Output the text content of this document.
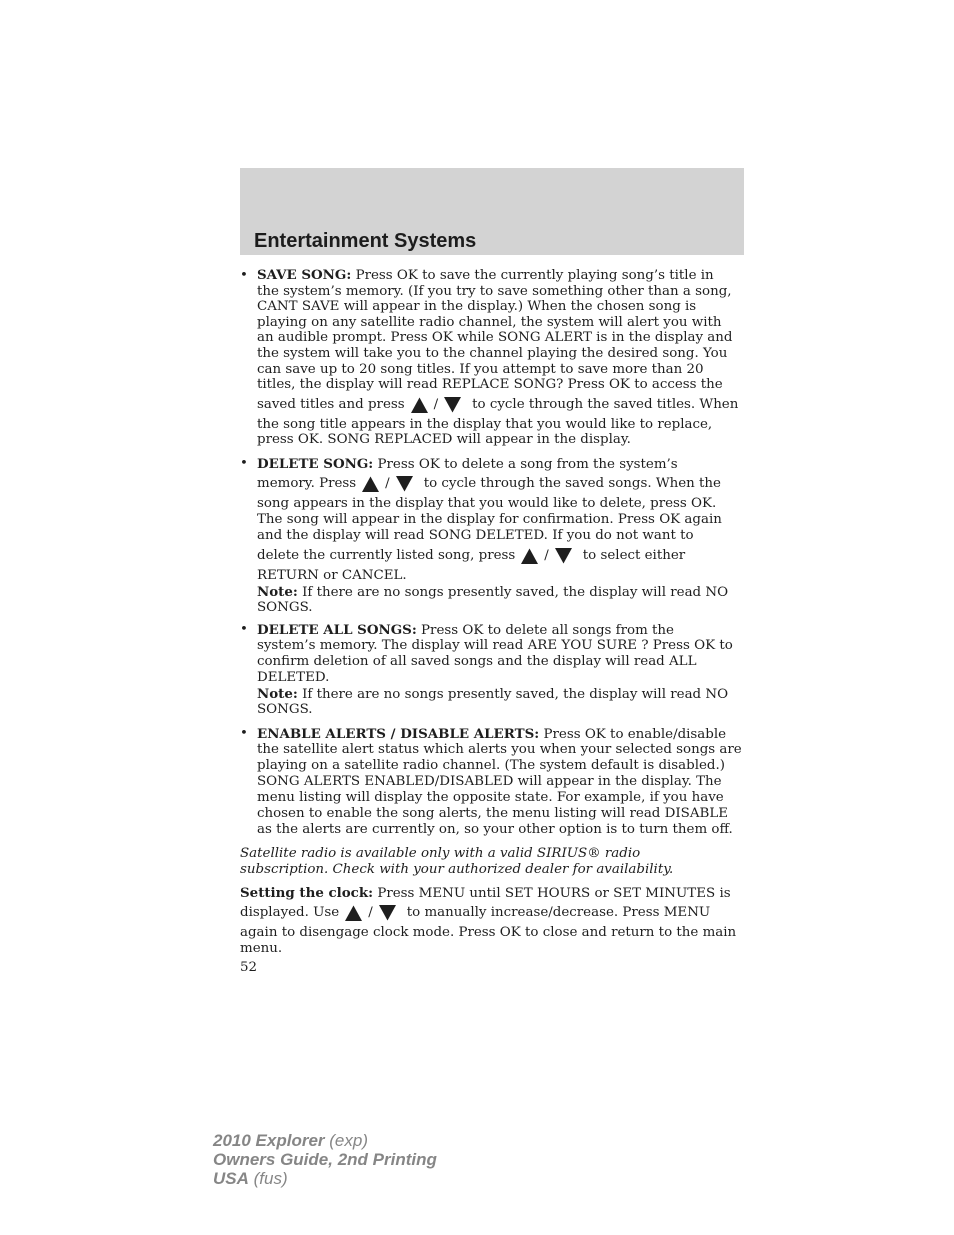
Entertainment Systems
• SAVE SONG: Press OK to save the currently playing song’s title in
the system’s memory. (If you try to save something other than a song,
CANT SAVE will appear in the display.) When the chosen song is
playing on any satellite radio channel, the system will alert you with
an audible prompt. Press OK while SONG ALERT is in the display and
the system will take you to the channel playing the desired song. You
can save up to 20 song titles. If you attempt to save more than 20
titles, the display will read REPLACE SONG? Press OK to access the
saved titles and press /	to cycle through the saved titles. When
the song title appears in the display that you would like to replace,
press OK. SONG REPLACED will appear in the display.
• DELETE SONG: Press OK to delete a song from the system’s
memory. Press /	to cycle through the saved songs. When the
song appears in the display that you would like to delete, press OK.
The song will appear in the display for confirmation. Press OK again
and the display will read SONG DELETED. If you do not want to
delete the currently listed song, press /	to select either
RETURN or CANCEL.
Note: If there are no songs presently saved, the display will read NO
SONGS.
• DELETE ALL SONGS: Press OK to delete all songs from the
system’s memory. The display will read ARE YOU SURE ? Press OK to
confirm deletion of all saved songs and the display will read ALL
DELETED.
Note: If there are no songs presently saved, the display will read NO
SONGS.
• ENABLE ALERTS / DISABLE ALERTS: Press OK to enable/disable
the satellite alert status which alerts you when your selected songs are
playing on a satellite radio channel. (The system default is disabled.)
SONG ALERTS ENABLED/DISABLED will appear in the display. The
menu listing will display the opposite state. For example, if you have
chosen to enable the song alerts, the menu listing will read DISABLE
as the alerts are currently on, so your other option is to turn them off.
Satellite radio is available only with a valid SIRIUS® radio
subscription. Check with your authorized dealer for availability.
Setting the clock: Press MENU until SET HOURS or SET MINUTES is
displayed. Use /	to manually increase/decrease. Press MENU
again to disengage clock mode. Press OK to close and return to the main
menu.
52
2010 Explorer (exp)
Owners Guide, 2nd Printing
USA (fus)
